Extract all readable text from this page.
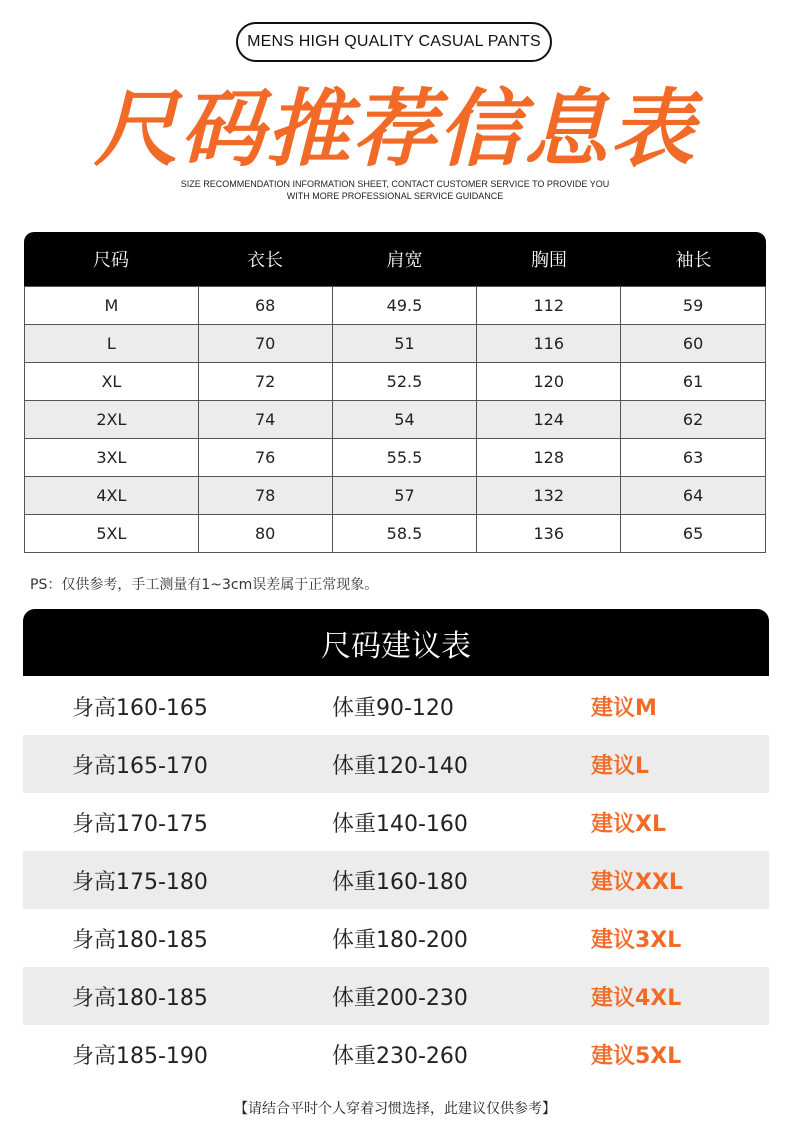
MENS HIGH QUALITY CASUAL PANTS
尺码推荐信息表
SIZE RECOMMENDATION INFORMATION SHEET, CONTACT CUSTOMER SERVICE TO PROVIDE YOU
WITH MORE PROFESSIONAL SERVICE GUIDANCE
尺码	衣长	肩宽	胸围	袖长
M	68	49.5	112	59
L	70	51	116	60
XL	72	52.5	120	61
2XL	74	54	124	62
3XL	76	55.5	128	63
4XL	78	57	132	64
5XL	80	58.5	136	65
PS：仅供参考，手工测量有1~3cm误差属于正常现象。
尺码建议表
身高160-165	体重90-120	建议M
身高165-170	体重120-140	建议L
身高170-175	体重140-160	建议XL
身高175-180	体重160-180	建议XXL
身高180-185	体重180-200	建议3XL
身高180-185	体重200-230	建议4XL
身高185-190	体重230-260	建议5XL
【请结合平时个人穿着习惯选择，此建议仅供参考】
